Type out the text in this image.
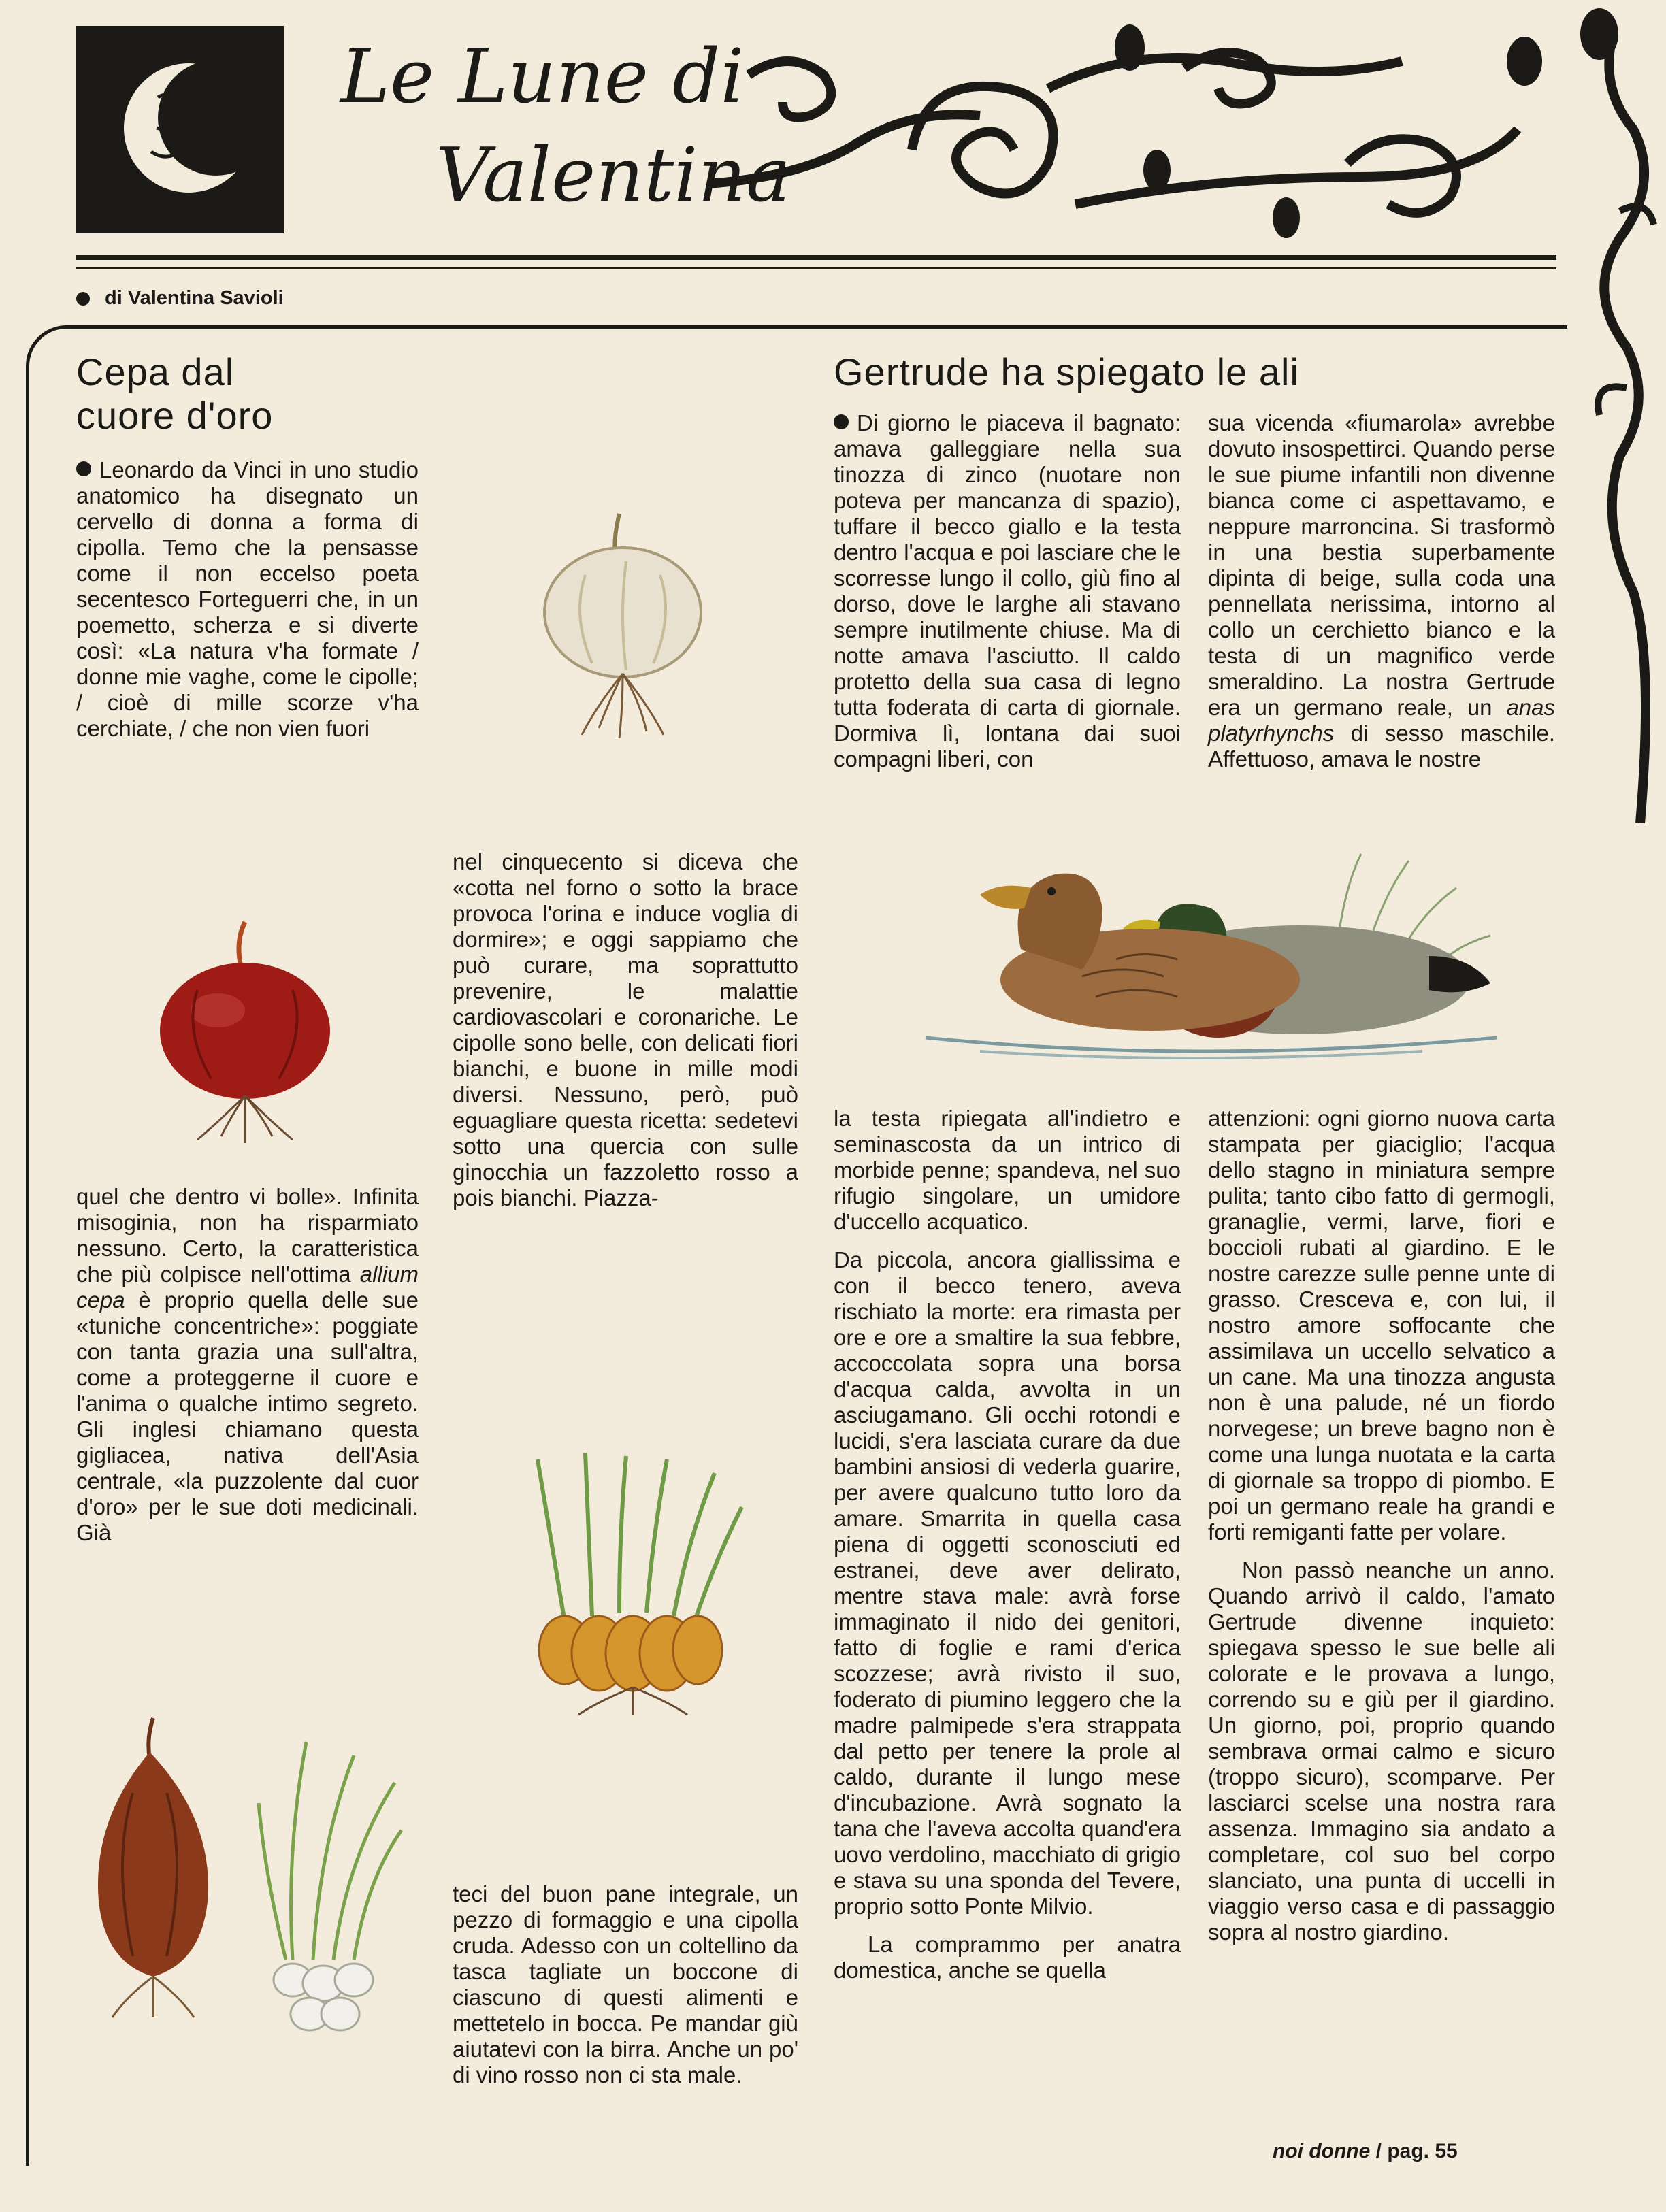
Le Lune di
Valentina
di Valentina Savioli
Cepa dal
cuore d'oro

Leonardo da Vinci in uno studio anatomico ha disegnato un cervello di donna a forma di cipolla. Temo che la pensasse come il non eccelso poeta secentesco Forteguerri che, in un poemetto, scherza e si diverte così: «La natura v'ha formate / donne mie vaghe, come le cipolle; / cioè di mille scorze v'ha cerchiate, / che non vien fuori

quel che dentro vi bolle». Infinita misoginia, non ha risparmiato nessuno. Certo, la caratteristica che più colpisce nell'ottima allium cepa è proprio quella delle sue «tuniche concentriche»: poggiate con tanta grazia una sull'altra, come a proteggerne il cuore e l'anima o qualche intimo segreto. Gli inglesi chiamano questa gigliacea, nativa dell'Asia centrale, «la puzzolente dal cuor d'oro» per le sue doti medicinali. Già

nel cinquecento si diceva che «cotta nel forno o sotto la brace provoca l'orina e induce voglia di dormire»; e oggi sappiamo che può curare, ma soprattutto prevenire, le malattie cardiovascolari e coronariche. Le cipolle sono belle, con delicati fiori bianchi, e buone in mille modi diversi. Nessuno, però, può eguagliare questa ricetta: sedetevi sotto una quercia con sulle ginocchia un fazzoletto rosso a pois bianchi. Piazza-

teci del buon pane integrale, un pezzo di formaggio e una cipolla cruda. Adesso con un coltellino da tasca tagliate un boccone di ciascuno di questi alimenti e mettetelo in bocca. Pe mandar giù aiutatevi con la birra. Anche un po' di vino rosso non ci sta male.

Gertrude ha spiegato le ali

Di giorno le piaceva il bagnato: amava galleggiare nella sua tinozza di zinco (nuotare non poteva per mancanza di spazio), tuffare il becco giallo e la testa dentro l'acqua e poi lasciare che le scorresse lungo il collo, giù fino al dorso, dove le larghe ali stavano sempre inutilmente chiuse. Ma di notte amava l'asciutto. Il caldo protetto della sua casa di legno tutta foderata di carta di giornale. Dormiva lì, lontana dai suoi compagni liberi, con

sua vicenda «fiumarola» avrebbe dovuto insospettirci. Quando perse le sue piume infantili non divenne bianca come ci aspettavamo, e neppure marroncina. Si trasformò in una bestia superbamente dipinta di beige, sulla coda una pennellata nerissima, intorno al collo un cerchietto bianco e la testa di un magnifico verde smeraldino. La nostra Gertrude era un germano reale, un anas platyrhynchs di sesso maschile. Affettuoso, amava le nostre

la testa ripiegata all'indietro e seminascosta da un intrico di morbide penne; spandeva, nel suo rifugio singolare, un umidore d'uccello acquatico.

Da piccola, ancora giallissima e con il becco tenero, aveva rischiato la morte: era rimasta per ore e ore a smaltire la sua febbre, accoccolata sopra una borsa d'acqua calda, avvolta in un asciugamano. Gli occhi rotondi e lucidi, s'era lasciata curare da due bambini ansiosi di vederla guarire, per avere qualcuno tutto loro da amare. Smarrita in quella casa piena di oggetti sconosciuti ed estranei, deve aver delirato, mentre stava male: avrà forse immaginato il nido dei genitori, fatto di foglie e rami d'erica scozzese; avrà rivisto il suo, foderato di piumino leggero che la madre palmipede s'era strappata dal petto per tenere la prole al caldo, durante il lungo mese d'incubazione. Avrà sognato la tana che l'aveva accolta quand'era uovo verdolino, macchiato di grigio e stava su una sponda del Tevere, proprio sotto Ponte Milvio.

La comprammo per anatra domestica, anche se quella

attenzioni: ogni giorno nuova carta stampata per giaciglio; l'acqua dello stagno in miniatura sempre pulita; tanto cibo fatto di germogli, granaglie, vermi, larve, fiori e boccioli rubati al giardino. E le nostre carezze sulle penne unte di grasso. Cresceva e, con lui, il nostro amore soffocante che assimilava un uccello selvatico a un cane. Ma una tinozza angusta non è una palude, né un fiordo norvegese; un breve bagno non è come una lunga nuotata e la carta di giornale sa troppo di piombo. E poi un germano reale ha grandi e forti remiganti fatte per volare.

Non passò neanche un anno. Quando arrivò il caldo, l'amato Gertrude divenne inquieto: spiegava spesso le sue belle ali colorate e le provava a lungo, correndo su e giù per il giardino. Un giorno, poi, proprio quando sembrava ormai calmo e sicuro (troppo sicuro), scomparve. Per lasciarci scelse una nostra rara assenza. Immagino sia andato a completare, col suo bel corpo slanciato, una punta di uccelli in viaggio verso casa e di passaggio sopra al nostro giardino.

noi donne / pag. 55
